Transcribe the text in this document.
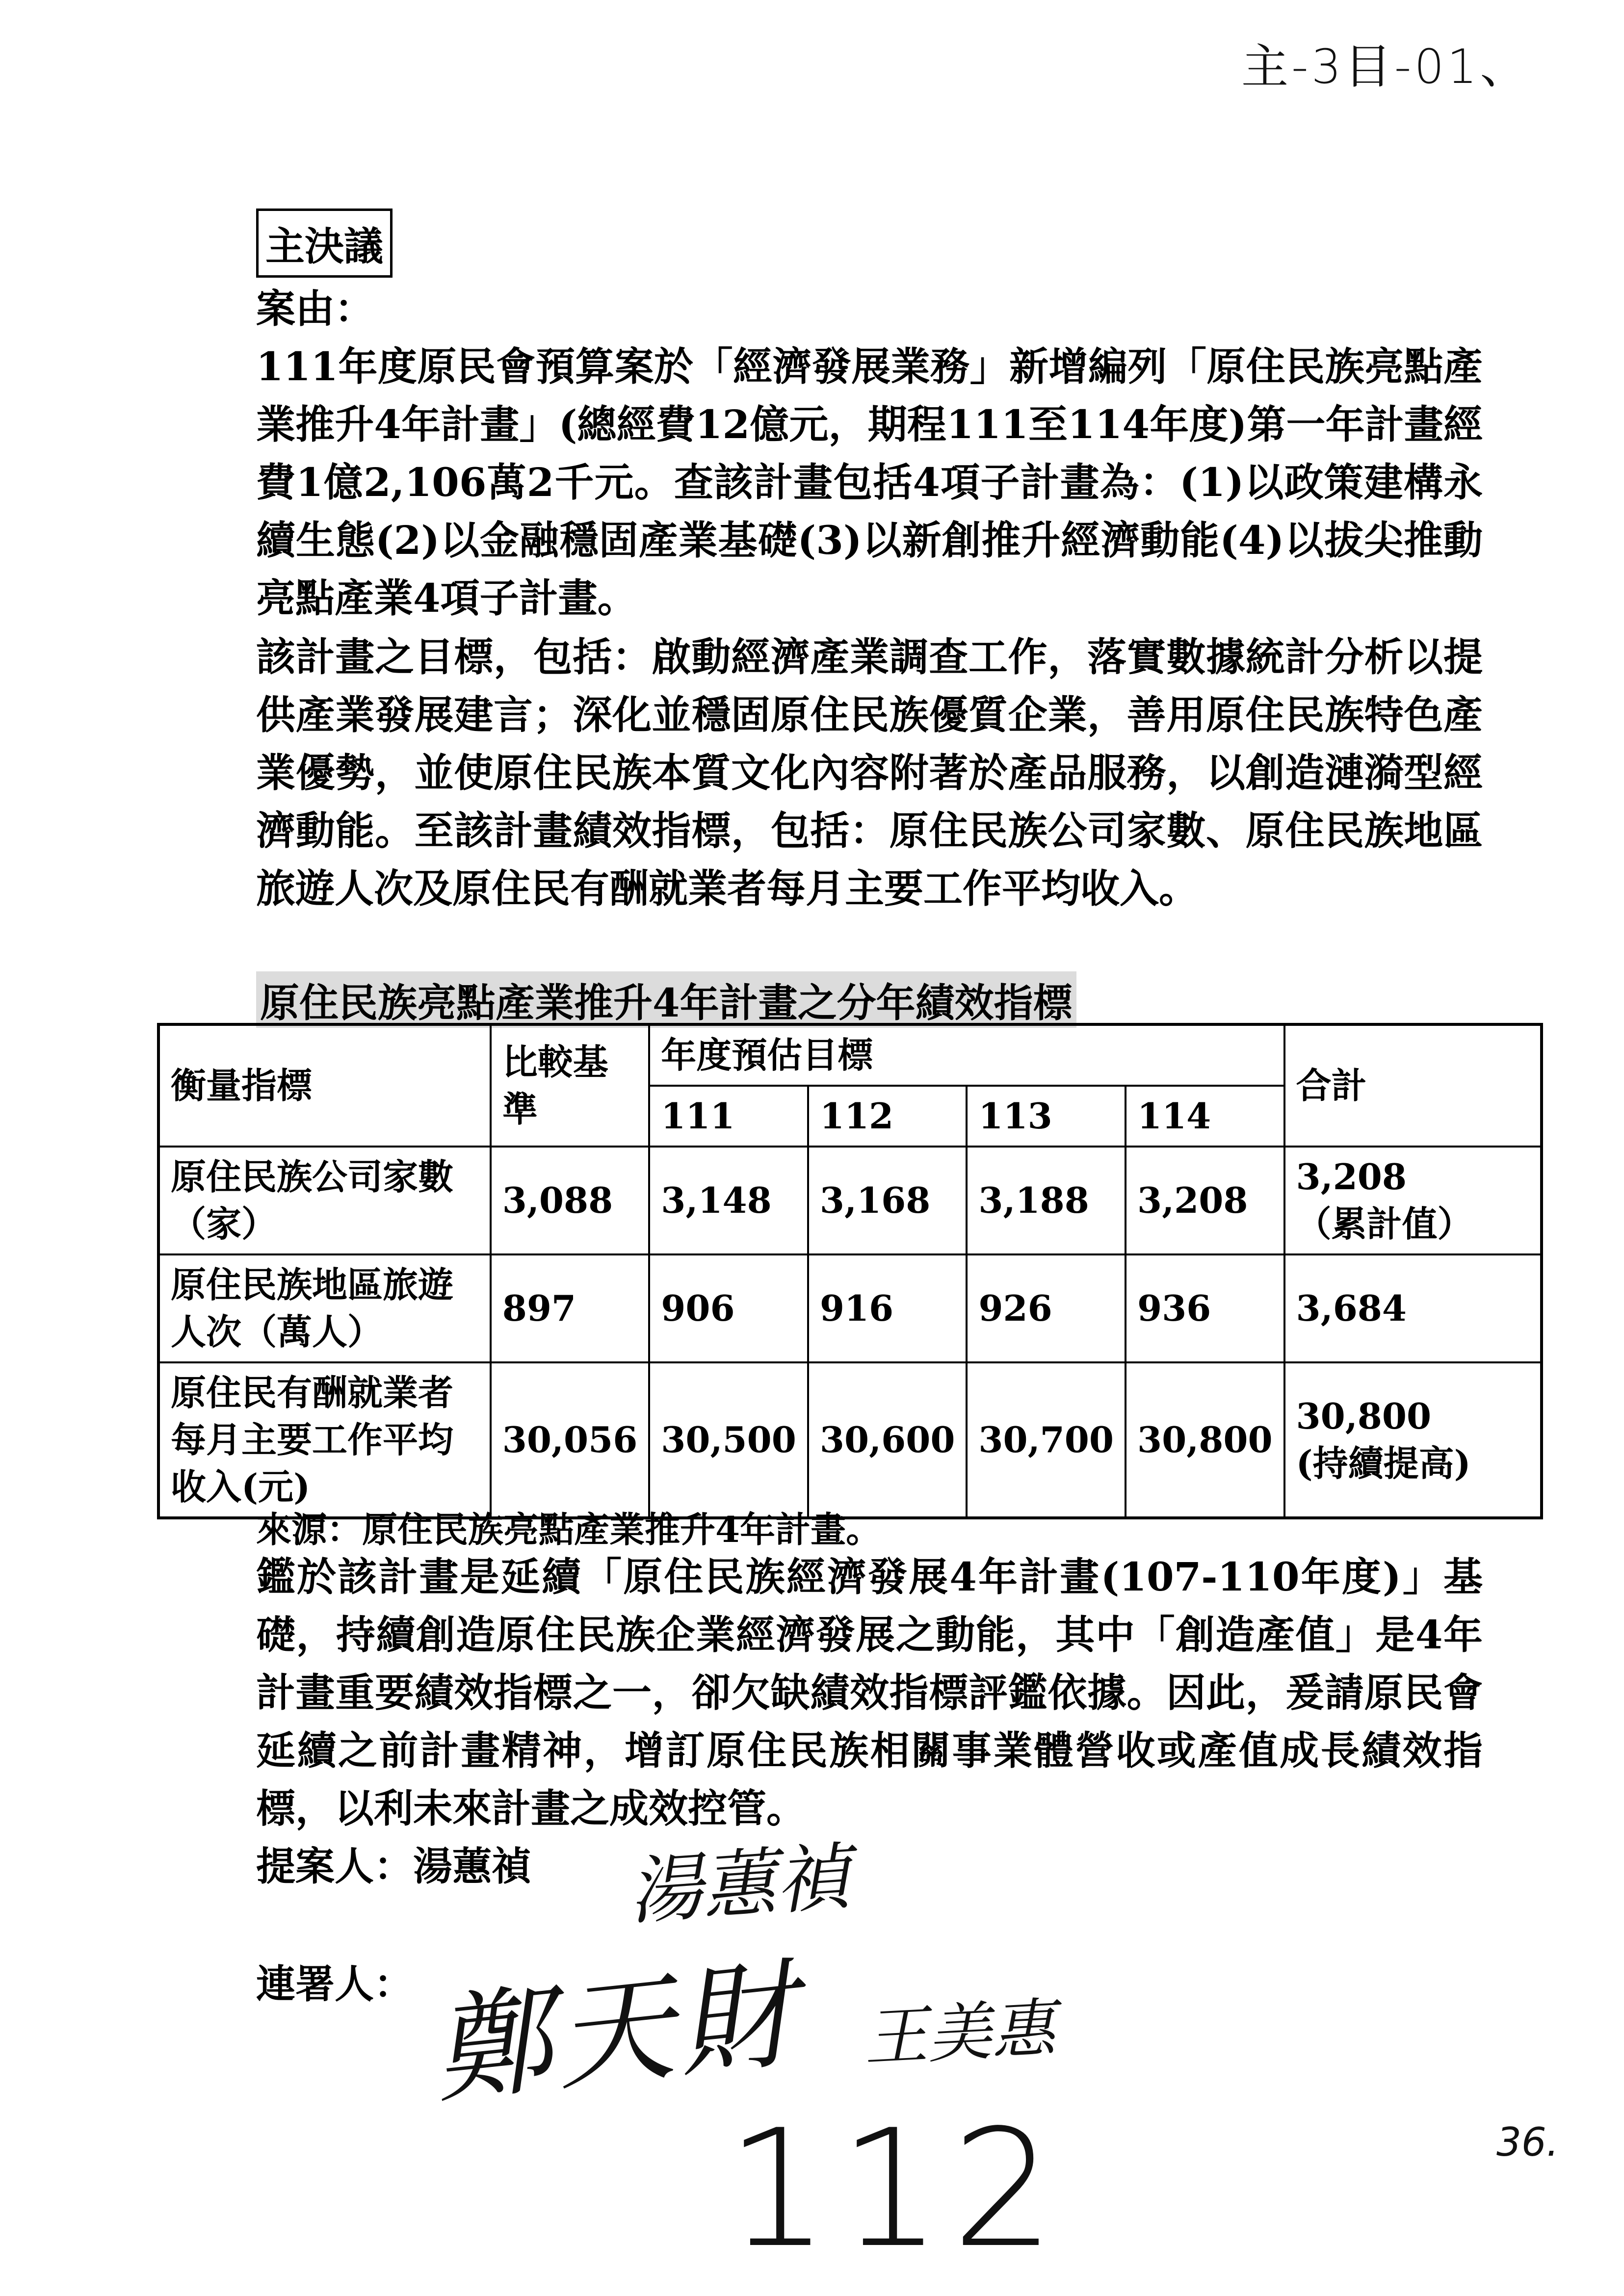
主-3目-01、
主決議
案由：
111年度原民會預算案於「經濟發展業務」新增編列「原住民族亮點產業推升4年計畫」(總經費12億元，期程111至114年度)第一年計畫經費1億2,106萬2千元。查該計畫包括4項子計畫為：(1)以政策建構永續生態(2)以金融穩固產業基礎(3)以新創推升經濟動能(4)以拔尖推動亮點產業4項子計畫。
該計畫之目標，包括：啟動經濟產業調查工作，落實數據統計分析以提供產業發展建言；深化並穩固原住民族優質企業，善用原住民族特色產業優勢，並使原住民族本質文化內容附著於產品服務，以創造漣漪型經濟動能。至該計畫績效指標，包括：原住民族公司家數、原住民族地區旅遊人次及原住民有酬就業者每月主要工作平均收入。
原住民族亮點產業推升4年計畫之分年績效指標
衡量指標	比較基準	年度預估目標				合計
		111	112	113	114	
原住民族公司家數（家）	3,088	3,148	3,168	3,188	3,208	3,208
（累計值）

原住民族地區旅遊人次（萬人）	897	906	916	926	936	3,684

原住民有酬就業者每月主要工作平均收入(元)	30,056	30,500	30,600	30,700	30,800	30,800
(持續提高)
來源：原住民族亮點產業推升4年計畫。
鑑於該計畫是延續「原住民族經濟發展4年計畫(107-110年度)」基礎，持續創造原住民族企業經濟發展之動能，其中「創造產值」是4年計畫重要績效指標之一，卻欠缺績效指標評鑑依據。因此，爰請原民會延續之前計畫精神，增訂原住民族相關事業體營收或產值成長績效指標，以利未來計畫之成效控管。
提案人：湯蕙禎 湯蕙禎
連署人： 鄭天財 王美惠
112	36.
